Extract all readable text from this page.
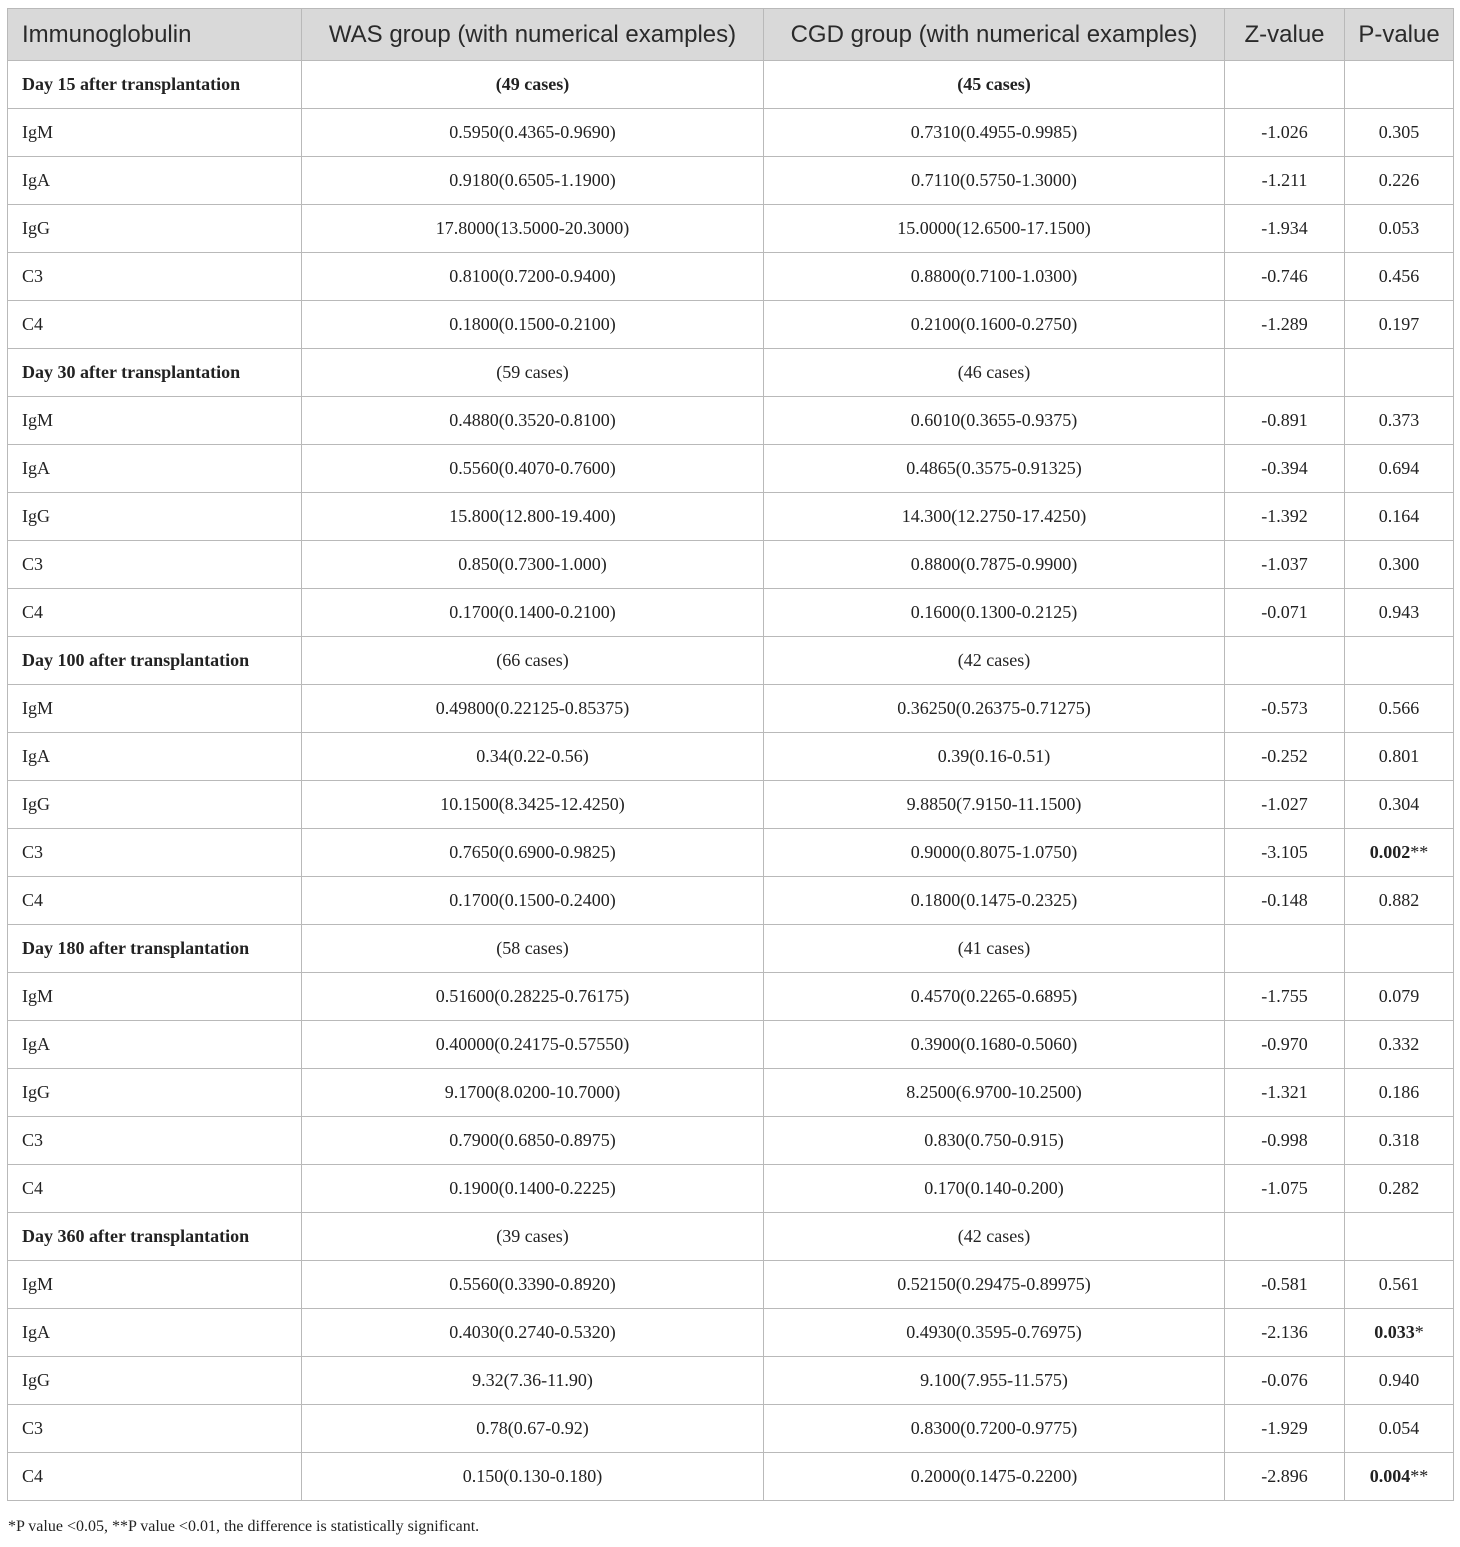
Immunoglobulin	WAS group (with numerical examples)	CGD group (with numerical examples)	Z-value	P-value
Day 15 after transplantation	(49 cases)	(45 cases)		
IgM	0.5950(0.4365-0.9690)	0.7310(0.4955-0.9985)	-1.026	0.305
IgA	0.9180(0.6505-1.1900)	0.7110(0.5750-1.3000)	-1.211	0.226
IgG	17.8000(13.5000-20.3000)	15.0000(12.6500-17.1500)	-1.934	0.053
C3	0.8100(0.7200-0.9400)	0.8800(0.7100-1.0300)	-0.746	0.456
C4	0.1800(0.1500-0.2100)	0.2100(0.1600-0.2750)	-1.289	0.197
Day 30 after transplantation	(59 cases)	(46 cases)		
IgM	0.4880(0.3520-0.8100)	0.6010(0.3655-0.9375)	-0.891	0.373
IgA	0.5560(0.4070-0.7600)	0.4865(0.3575-0.91325)	-0.394	0.694
IgG	15.800(12.800-19.400)	14.300(12.2750-17.4250)	-1.392	0.164
C3	0.850(0.7300-1.000)	0.8800(0.7875-0.9900)	-1.037	0.300
C4	0.1700(0.1400-0.2100)	0.1600(0.1300-0.2125)	-0.071	0.943
Day 100 after transplantation	(66 cases)	(42 cases)		
IgM	0.49800(0.22125-0.85375)	0.36250(0.26375-0.71275)	-0.573	0.566
IgA	0.34(0.22-0.56)	0.39(0.16-0.51)	-0.252	0.801
IgG	10.1500(8.3425-12.4250)	9.8850(7.9150-11.1500)	-1.027	0.304
C3	0.7650(0.6900-0.9825)	0.9000(0.8075-1.0750)	-3.105	0.002**
C4	0.1700(0.1500-0.2400)	0.1800(0.1475-0.2325)	-0.148	0.882
Day 180 after transplantation	(58 cases)	(41 cases)		
IgM	0.51600(0.28225-0.76175)	0.4570(0.2265-0.6895)	-1.755	0.079
IgA	0.40000(0.24175-0.57550)	0.3900(0.1680-0.5060)	-0.970	0.332
IgG	9.1700(8.0200-10.7000)	8.2500(6.9700-10.2500)	-1.321	0.186
C3	0.7900(0.6850-0.8975)	0.830(0.750-0.915)	-0.998	0.318
C4	0.1900(0.1400-0.2225)	0.170(0.140-0.200)	-1.075	0.282
Day 360 after transplantation	(39 cases)	(42 cases)		
IgM	0.5560(0.3390-0.8920)	0.52150(0.29475-0.89975)	-0.581	0.561
IgA	0.4030(0.2740-0.5320)	0.4930(0.3595-0.76975)	-2.136	0.033*
IgG	9.32(7.36-11.90)	9.100(7.955-11.575)	-0.076	0.940
C3	0.78(0.67-0.92)	0.8300(0.7200-0.9775)	-1.929	0.054
C4	0.150(0.130-0.180)	0.2000(0.1475-0.2200)	-2.896	0.004**
*P value <0.05, **P value <0.01, the difference is statistically significant.
